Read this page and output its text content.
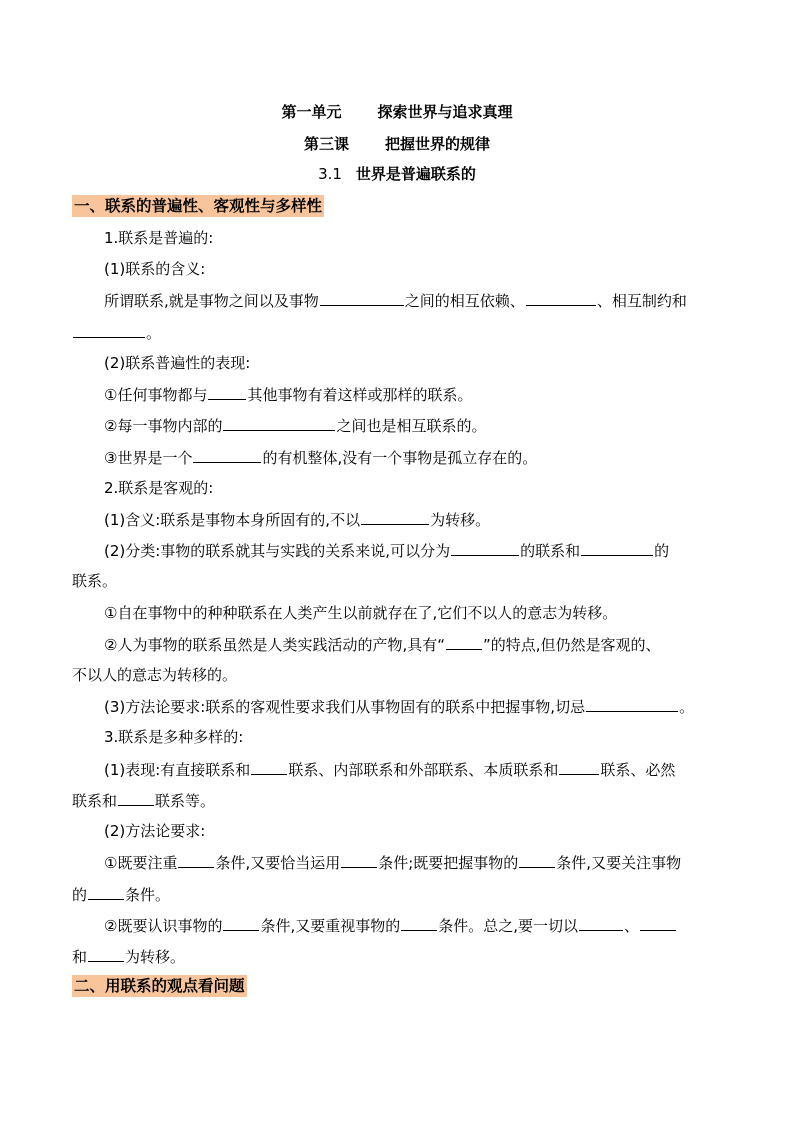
第一单元 探索世界与追求真理
第三课 把握世界的规律
3.1 世界是普遍联系的
一、联系的普遍性、客观性与多样性
1.联系是普遍的:
(1)联系的含义:
所谓联系,就是事物之间以及事物	之间的相互依赖、	、相互制约和
。
(2)联系普遍性的表现:
①任何事物都与	其他事物有着这样或那样的联系。
②每一事物内部的	之间也是相互联系的。
③世界是一个	的有机整体,没有一个事物是孤立存在的。
2.联系是客观的:
(1)含义:联系是事物本身所固有的,不以	为转移。
(2)分类:事物的联系就其与实践的关系来说,可以分为	的联系和	的
联系。
①自在事物中的种种联系在人类产生以前就存在了,它们不以人的意志为转移。
②人为事物的联系虽然是人类实践活动的产物,具有“	”的特点,但仍然是客观的、
不以人的意志为转移的。
(3)方法论要求:联系的客观性要求我们从事物固有的联系中把握事物,切忌	。
3.联系是多种多样的:
(1)表现:有直接联系和	联系、内部联系和外部联系、本质联系和	联系、必然
联系和	联系等。
(2)方法论要求:
①既要注重	条件,又要恰当运用	条件;既要把握事物的	条件,又要关注事物
的	条件。
②既要认识事物的	条件,又要重视事物的	条件。总之,要一切以	、
和	为转移。
二、用联系的观点看问题
